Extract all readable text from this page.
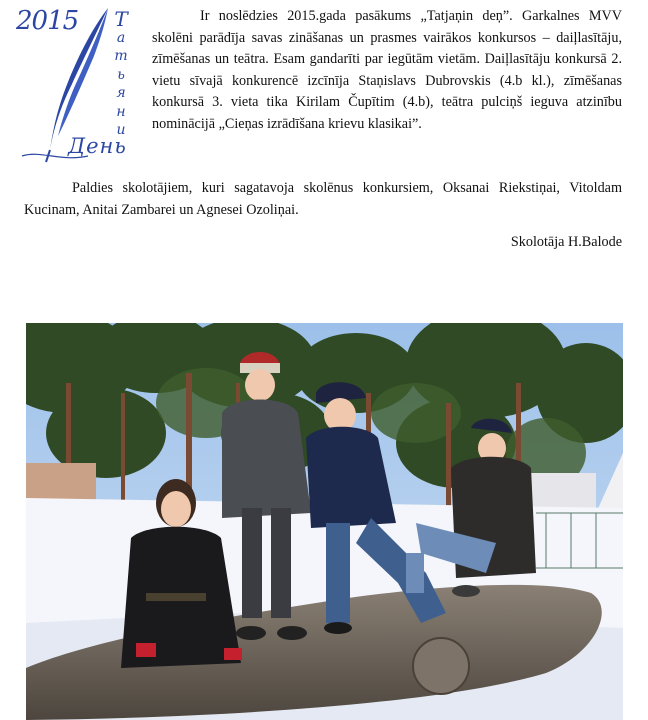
2015 Т
а
т
ь
я
н
и
День

Ir noslēdzies 2015.gada pasākums „Tatjaņin deņ”. Garkalnes MVV skolēni parādīja savas zināšanas un prasmes vairākos konkursos – daiļlasītāju, zīmēšanas un teātra. Esam gandarīti par iegūtām vietām. Daiļlasītāju konkursā 2. vietu sīvajā konkurencē izcīnīja Staņislavs Dubrovskis (4.b kl.), zīmēšanas konkursā 3. vieta tika Kirilam Čupītim (4.b), teātra pulciņš ieguva atzinību nominācijā „Cieņas izrādīšana krievu klasikai”.

Paldies skolotājiem, kuri sagatavoja skolēnus konkursiem, Oksanai Riekstiņai, Vitoldam Kucinam, Anitai Zambarei un Agnesei Ozoliņai.

Skolotāja H.Balode
